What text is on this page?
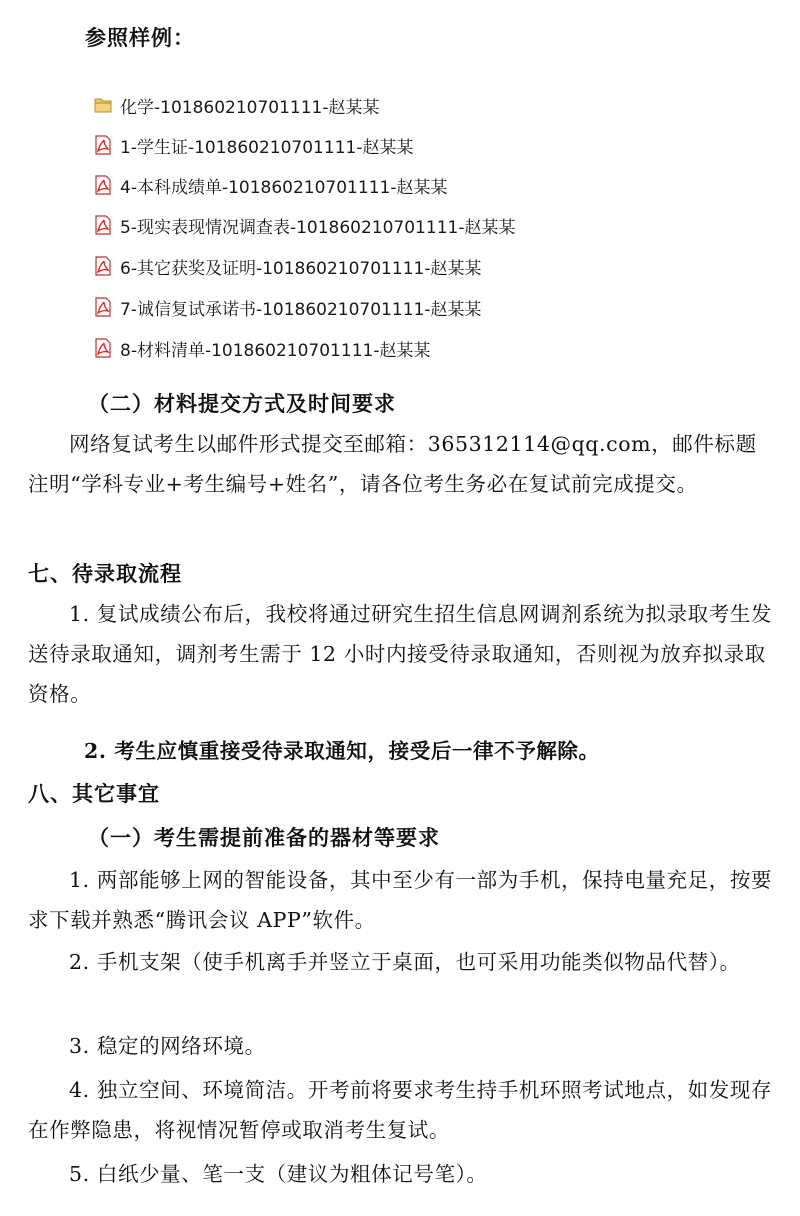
参照样例：
化学-101860210701111-赵某某
1-学生证-101860210701111-赵某某
4-本科成绩单-101860210701111-赵某某
5-现实表现情况调查表-101860210701111-赵某某
6-其它获奖及证明-101860210701111-赵某某
7-诚信复试承诺书-101860210701111-赵某某
8-材料清单-101860210701111-赵某某
（二）材料提交方式及时间要求
网络复试考生以邮件形式提交至邮箱：365312114@qq.com，邮件标题注明“学科专业+考生编号+姓名”，请各位考生务必在复试前完成提交。
七、待录取流程
1. 复试成绩公布后，我校将通过研究生招生信息网调剂系统为拟录取考生发送待录取通知，调剂考生需于 12 小时内接受待录取通知，否则视为放弃拟录取资格。
2. 考生应慎重接受待录取通知，接受后一律不予解除。
八、其它事宜
（一）考生需提前准备的器材等要求
1. 两部能够上网的智能设备，其中至少有一部为手机，保持电量充足，按要求下载并熟悉“腾讯会议 APP”软件。
2. 手机支架（使手机离手并竖立于桌面，也可采用功能类似物品代替）。
3. 稳定的网络环境。
4. 独立空间、环境简洁。开考前将要求考生持手机环照考试地点，如发现存在作弊隐患，将视情况暂停或取消考生复试。
5. 白纸少量、笔一支（建议为粗体记号笔）。
